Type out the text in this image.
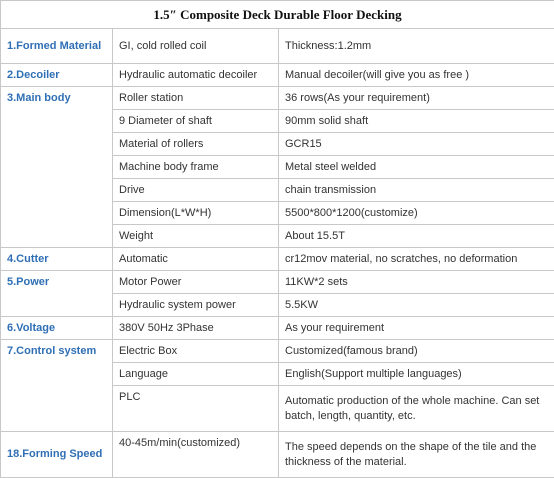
1.5″ Composite Deck Durable Floor Decking		
1.Formed Material	GI, cold rolled coil	Thickness:1.2mm
2.Decoiler	Hydraulic automatic decoiler	Manual decoiler(will give you as free )
3.Main body	Roller station	36 rows(As your requirement)
	9 Diameter of shaft	90mm solid shaft
	Material of rollers	GCR15
	Machine body frame	Metal steel welded
	Drive	chain transmission
	Dimension(L*W*H)	5500*800*1200(customize)
	Weight	About 15.5T
4.Cutter	Automatic	cr12mov material, no scratches, no deformation
5.Power	Motor Power	11KW*2 sets
	Hydraulic system power	5.5KW
6.Voltage	380V 50Hz 3Phase	As your requirement
7.Control system	Electric Box	Customized(famous brand)
	Language	English(Support multiple languages)
	PLC	Automatic production of the whole machine. Can set batch, length, quantity, etc.
18.Forming Speed	40-45m/min(customized)	The speed depends on the shape of the tile and the thickness of the material.
